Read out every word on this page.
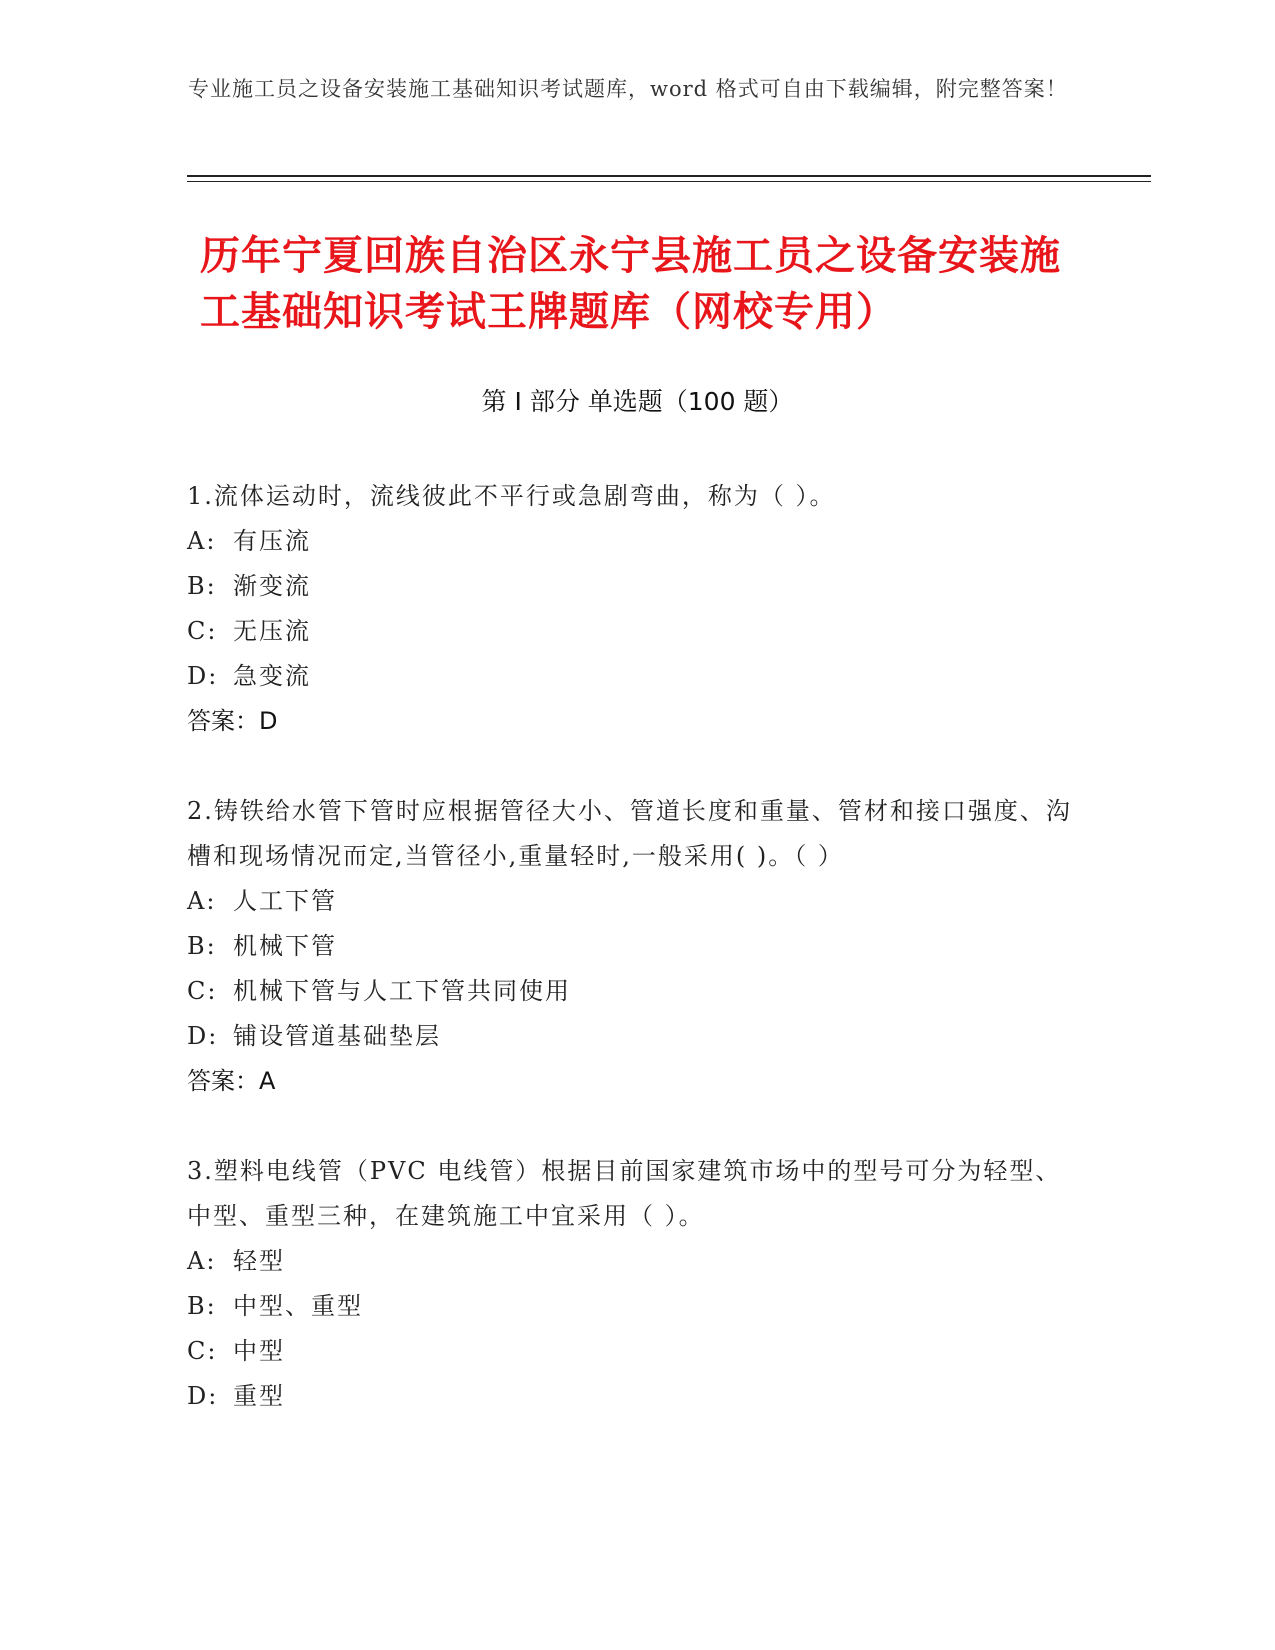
专业施工员之设备安装施工基础知识考试题库，word 格式可自由下载编辑，附完整答案！
历年宁夏回族自治区永宁县施工员之设备安装施工基础知识考试王牌题库（网校专用）
第 I 部分 单选题（100 题）
1.流体运动时，流线彼此不平行或急剧弯曲，称为（ ）。
A: 有压流
B: 渐变流
C: 无压流
D: 急变流
答案：D
2.铸铁给水管下管时应根据管径大小、管道长度和重量、管材和接口强度、沟槽和现场情况而定,当管径小,重量轻时,一般采用( )。（ ）
A: 人工下管
B: 机械下管
C: 机械下管与人工下管共同使用
D: 铺设管道基础垫层
答案：A
3.塑料电线管（PVC 电线管）根据目前国家建筑市场中的型号可分为轻型、中型、重型三种，在建筑施工中宜采用（ ）。
A: 轻型
B: 中型、重型
C: 中型
D: 重型
